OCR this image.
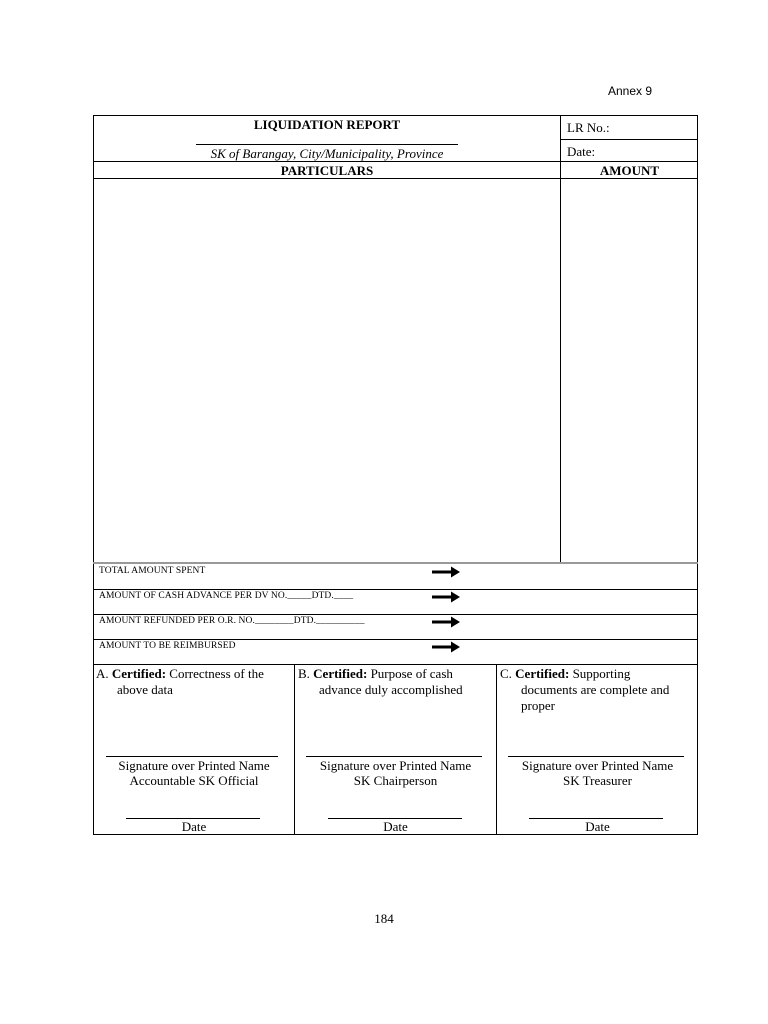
Annex 9
LIQUIDATION REPORT
SK of Barangay, City/Municipality, Province
LR No.:
Date:
PARTICULARS	AMOUNT
TOTAL AMOUNT SPENT
AMOUNT OF CASH ADVANCE PER DV NO._____DTD.____
AMOUNT REFUNDED PER O.R. NO.________DTD.__________
AMOUNT TO BE REIMBURSED
A. Certified: Correctness of the
above data
Signature over Printed Name
Accountable SK Official
Date
B. Certified: Purpose of cash
advance duly accomplished
Signature over Printed Name
SK Chairperson
Date
C. Certified: Supporting
documents are complete and
proper
Signature over Printed Name
SK Treasurer
Date
184
